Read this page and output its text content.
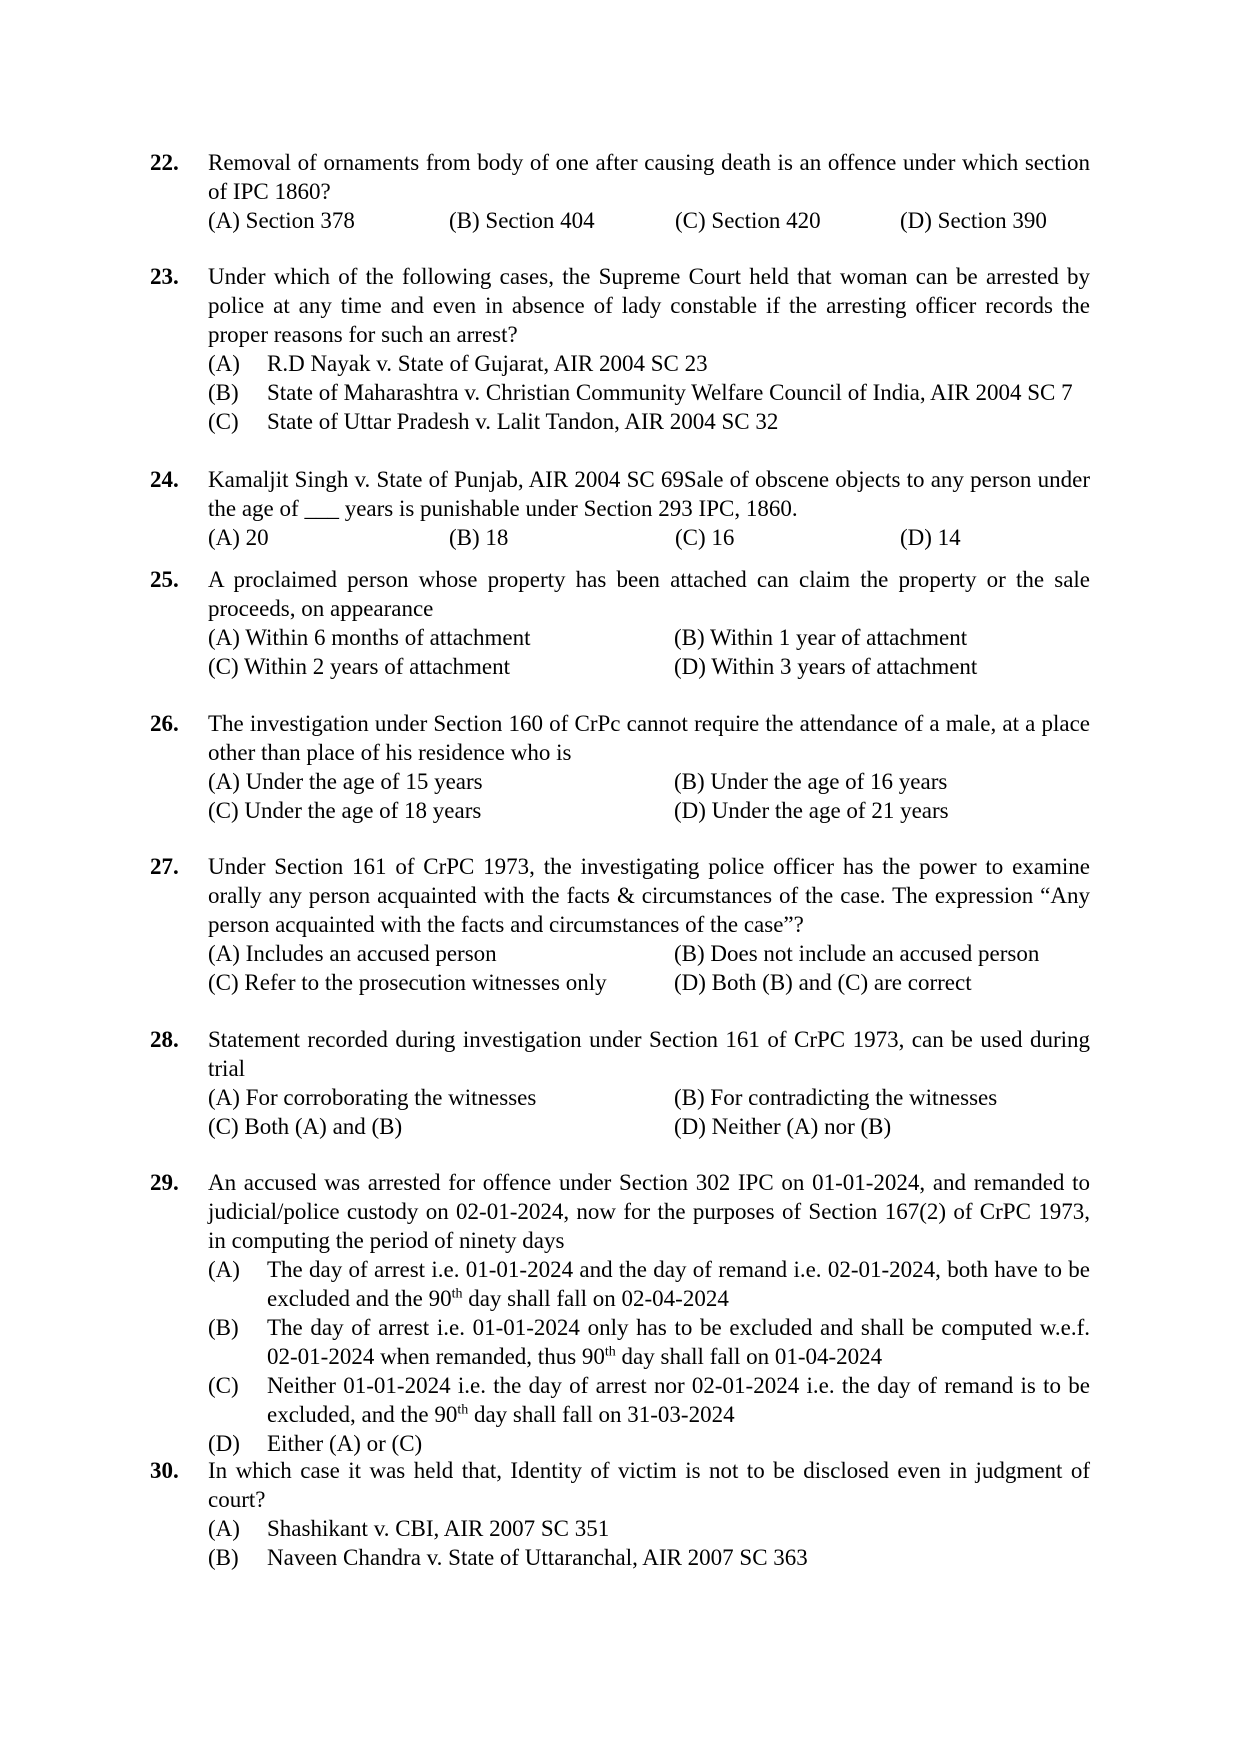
22. Removal of ornaments from body of one after causing death is an offence under which section of IPC 1860?
(A) Section 378	(B) Section 404	(C) Section 420	(D) Section 390
23. Under which of the following cases, the Supreme Court held that woman can be arrested by police at any time and even in absence of lady constable if the arresting officer records the proper reasons for such an arrest?
(A)	R.D Nayak v. State of Gujarat, AIR 2004 SC 23
(B)	State of Maharashtra v. Christian Community Welfare Council of India, AIR 2004 SC 7
(C)	State of Uttar Pradesh v. Lalit Tandon, AIR 2004 SC 32
24. Kamaljit Singh v. State of Punjab, AIR 2004 SC 69Sale of obscene objects to any person under the age of ___ years is punishable under Section 293 IPC, 1860.
(A) 20	(B) 18	(C) 16	(D) 14
25. A proclaimed person whose property has been attached can claim the property or the sale proceeds, on appearance
(A) Within 6 months of attachment	(B) Within 1 year of attachment
(C) Within 2 years of attachment	(D) Within 3 years of attachment
26. The investigation under Section 160 of CrPc cannot require the attendance of a male, at a place other than place of his residence who is
(A) Under the age of 15 years	(B) Under the age of 16 years
(C) Under the age of 18 years	(D) Under the age of 21 years
27. Under Section 161 of CrPC 1973, the investigating police officer has the power to examine orally any person acquainted with the facts & circumstances of the case. The expression “Any person acquainted with the facts and circumstances of the case”?
(A) Includes an accused person	(B) Does not include an accused person
(C) Refer to the prosecution witnesses only	(D) Both (B) and (C) are correct
28. Statement recorded during investigation under Section 161 of CrPC 1973, can be used during trial
(A) For corroborating the witnesses	(B) For contradicting the witnesses
(C) Both (A) and (B)	(D) Neither (A) nor (B)
29. An accused was arrested for offence under Section 302 IPC on 01-01-2024, and remanded to judicial/police custody on 02-01-2024, now for the purposes of Section 167(2) of CrPC 1973, in computing the period of ninety days
(A)	The day of arrest i.e. 01-01-2024 and the day of remand i.e. 02-01-2024, both have to be excluded and the 90th day shall fall on 02-04-2024
(B)	The day of arrest i.e. 01-01-2024 only has to be excluded and shall be computed w.e.f. 02-01-2024 when remanded, thus 90th day shall fall on 01-04-2024
(C)	Neither 01-01-2024 i.e. the day of arrest nor 02-01-2024 i.e. the day of remand is to be excluded, and the 90th day shall fall on 31-03-2024
(D)	Either (A) or (C)
30. In which case it was held that, Identity of victim is not to be disclosed even in judgment of court?
(A)	Shashikant v. CBI, AIR 2007 SC 351
(B)	Naveen Chandra v. State of Uttaranchal, AIR 2007 SC 363
